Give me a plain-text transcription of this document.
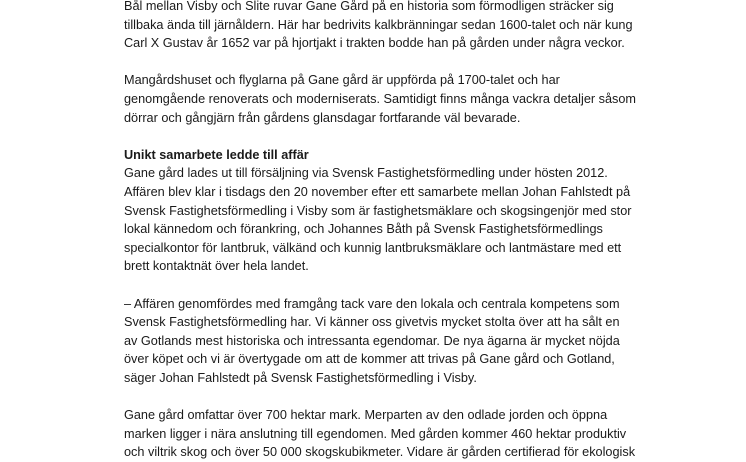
Bål mellan Visby och Slite ruvar Gane Gård på en historia som förmodligen sträcker sig
tillbaka ända till järnåldern. Här har bedrivits kalkbränningar sedan 1600-talet och när kung
Carl X Gustav år 1652 var på hjortjakt i trakten bodde han på gården under några veckor.

Mangårdshuset och flyglarna på Gane gård är uppförda på 1700-talet och har
genomgående renoverats och moderniserats. Samtidigt finns många vackra detaljer såsom
dörrar och gångjärn från gårdens glansdagar fortfarande väl bevarade.

Unikt samarbete ledde till affär
Gane gård lades ut till försäljning via Svensk Fastighetsförmedling under hösten 2012.
Affären blev klar i tisdags den 20 november efter ett samarbete mellan Johan Fahlstedt på
Svensk Fastighetsförmedling i Visby som är fastighetsmäklare och skogsingenjör med stor
lokal kännedom och förankring, och Johannes Båth på Svensk Fastighetsförmedlings
specialkontor för lantbruk, välkänd och kunnig lantbruksmäklare och lantmästare med ett
brett kontaktnät över hela landet.

– Affären genomfördes med framgång tack vare den lokala och centrala kompetens som
Svensk Fastighetsförmedling har. Vi känner oss givetvis mycket stolta över att ha sålt en
av Gotlands mest historiska och intressanta egendomar. De nya ägarna är mycket nöjda
över köpet och vi är övertygade om att de kommer att trivas på Gane gård och Gotland,
säger Johan Fahlstedt på Svensk Fastighetsförmedling i Visby.

Gane gård omfattar över 700 hektar mark. Merparten av den odlade jorden och öppna
marken ligger i nära anslutning till egendomen. Med gården kommer 460 hektar produktiv
och viltrik skog och över 50 000 skogskubikmeter. Vidare är gården certifierad för ekologisk
